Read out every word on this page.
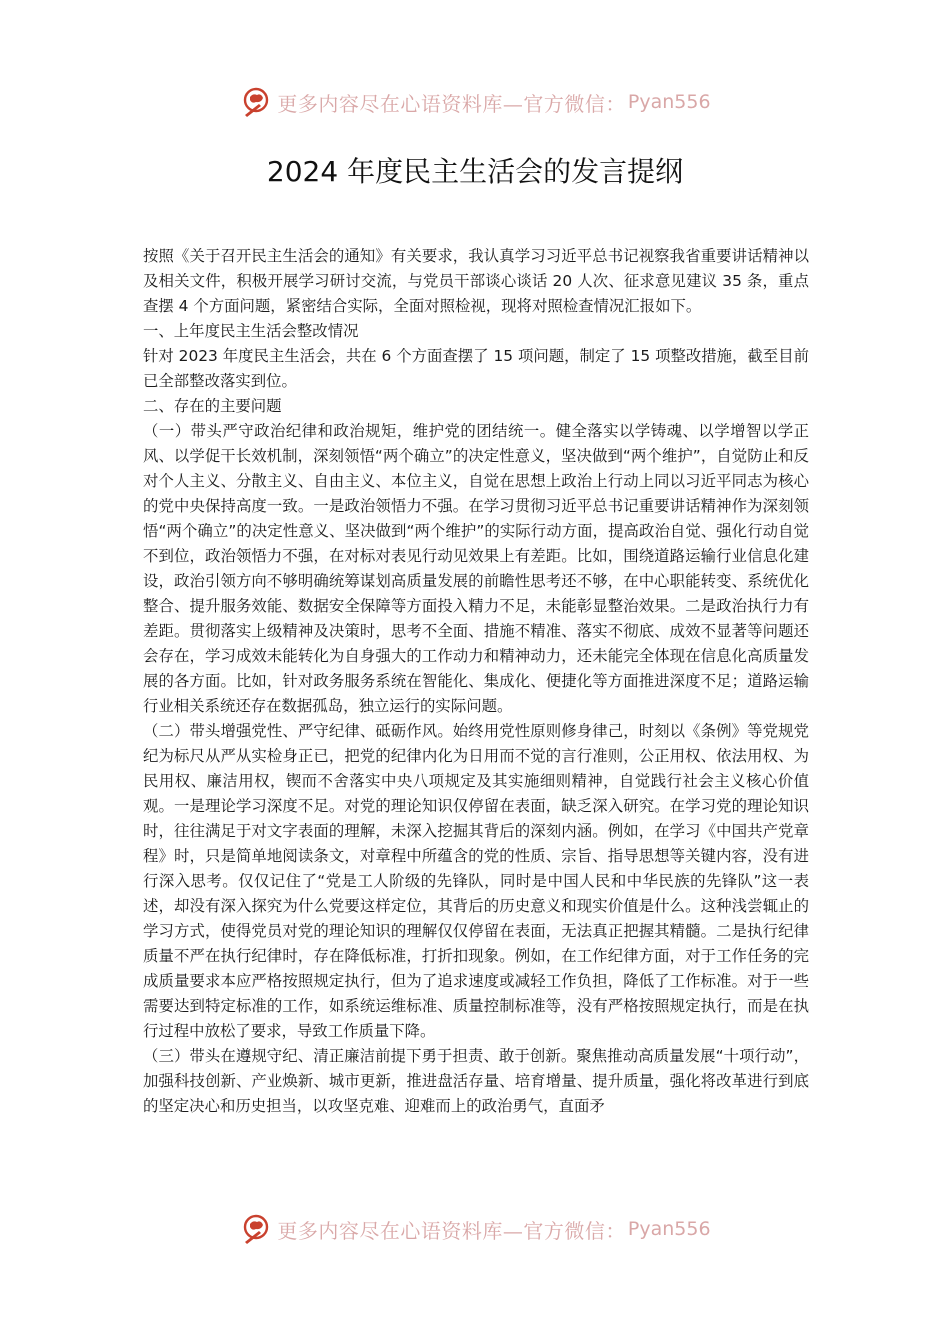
更多内容尽在心语资料库—官方微信： Pyan556
2024 年度民主生活会的发言提纲

按照《关于召开民主生活会的通知》有关要求，我认真学习习近平总书记视察我省重要讲话精神以及相关文件，积极开展学习研讨交流，与党员干部谈心谈话 20 人次、征求意见建议 35 条，重点查摆 4 个方面问题，紧密结合实际，全面对照检视，现将对照检查情况汇报如下。

一、上年度民主生活会整改情况

针对 2023 年度民主生活会，共在 6 个方面查摆了 15 项问题，制定了 15 项整改措施，截至目前已全部整改落实到位。

二、存在的主要问题

（一）带头严守政治纪律和政治规矩，维护党的团结统一。健全落实以学铸魂、以学增智以学正风、以学促干长效机制，深刻领悟“两个确立”的决定性意义，坚决做到“两个维护”，自觉防止和反对个人主义、分散主义、自由主义、本位主义，自觉在思想上政治上行动上同以习近平同志为核心的党中央保持高度一致。一是政治领悟力不强。在学习贯彻习近平总书记重要讲话精神作为深刻领悟“两个确立”的决定性意义、坚决做到“两个维护”的实际行动方面，提高政治自觉、强化行动自觉不到位，政治领悟力不强，在对标对表见行动见效果上有差距。比如，围绕道路运输行业信息化建设，政治引领方向不够明确统筹谋划高质量发展的前瞻性思考还不够，在中心职能转变、系统优化整合、提升服务效能、数据安全保障等方面投入精力不足，未能彰显整治效果。二是政治执行力有差距。贯彻落实上级精神及决策时，思考不全面、措施不精准、落实不彻底、成效不显著等问题还会存在，学习成效未能转化为自身强大的工作动力和精神动力，还未能完全体现在信息化高质量发展的各方面。比如，针对政务服务系统在智能化、集成化、便捷化等方面推进深度不足；道路运输行业相关系统还存在数据孤岛，独立运行的实际问题。

（二）带头增强党性、严守纪律、砥砺作风。始终用党性原则修身律己，时刻以《条例》等党规党纪为标尺从严从实检身正已，把党的纪律内化为日用而不觉的言行准则，公正用权、依法用权、为民用权、廉洁用权，锲而不舍落实中央八项规定及其实施细则精神，自觉践行社会主义核心价值观。一是理论学习深度不足。对党的理论知识仅停留在表面，缺乏深入研究。在学习党的理论知识时，往往满足于对文字表面的理解，未深入挖掘其背后的深刻内涵。例如，在学习《中国共产党章程》时，只是简单地阅读条文，对章程中所蕴含的党的性质、宗旨、指导思想等关键内容，没有进行深入思考。仅仅记住了“党是工人阶级的先锋队，同时是中国人民和中华民族的先锋队”这一表述，却没有深入探究为什么党要这样定位，其背后的历史意义和现实价值是什么。这种浅尝辄止的学习方式，使得党员对党的理论知识的理解仅仅停留在表面，无法真正把握其精髓。二是执行纪律质量不严在执行纪律时，存在降低标准，打折扣现象。例如，在工作纪律方面，对于工作任务的完成质量要求本应严格按照规定执行，但为了追求速度或减轻工作负担，降低了工作标准。对于一些需要达到特定标准的工作，如系统运维标准、质量控制标准等，没有严格按照规定执行，而是在执行过程中放松了要求，导致工作质量下降。

（三）带头在遵规守纪、清正廉洁前提下勇于担责、敢于创新。聚焦推动高质量发展“十项行动”，加强科技创新、产业焕新、城市更新，推进盘活存量、培育增量、提升质量，强化将改革进行到底的坚定决心和历史担当，以攻坚克难、迎难而上的政治勇气，直面矛

更多内容尽在心语资料库—官方微信： Pyan556
